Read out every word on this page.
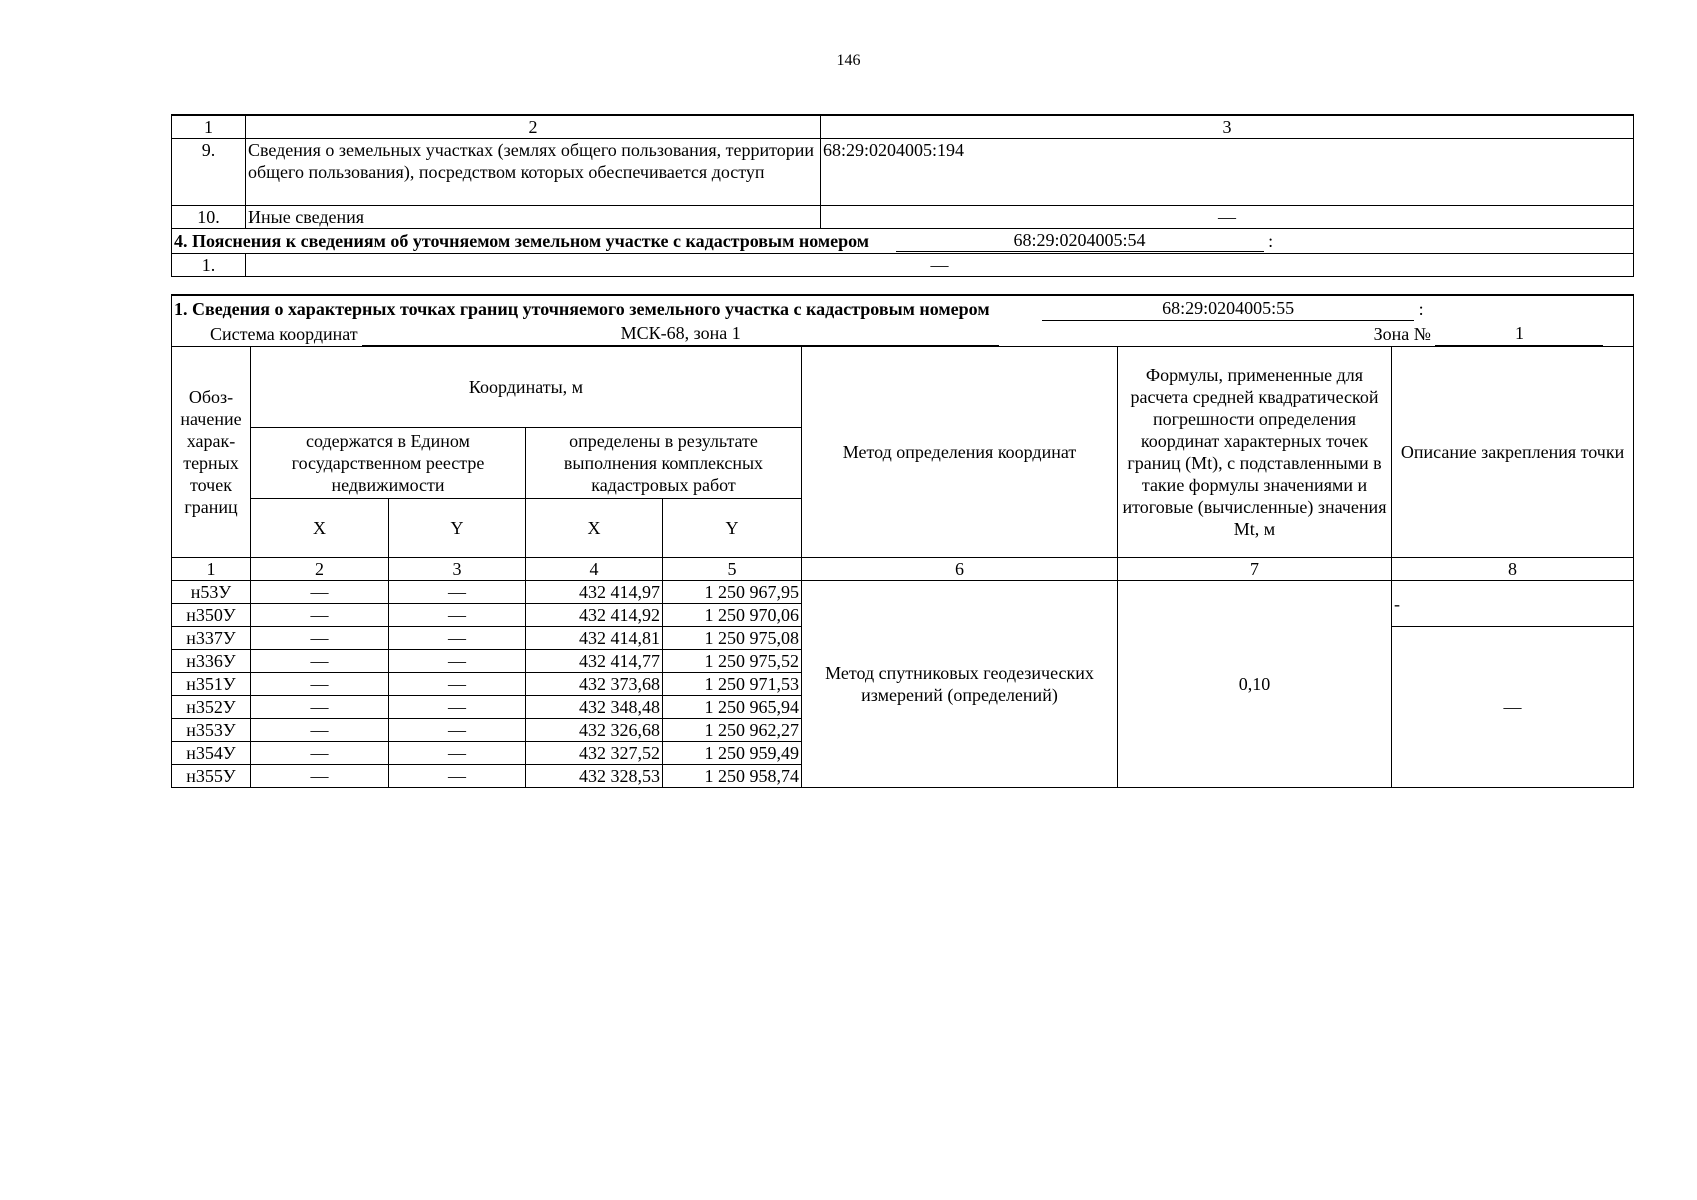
146
1	2	3
9.	Сведения о земельных участках (землях общего пользования, территории общего пользования), посредством которых обеспечивается доступ	68:29:0204005:194
10.	Иные сведения	—
4. Пояснения к сведениям об уточняемом земельном участке с кадастровым номером 68:29:0204005:54 :		
1.	—	
1. Сведения о характерных точках границ уточняемого земельного участка с кадастровым номером 68:29:0204005:55 :
Система координат МСК-68, зона 1 Зона № 1							

Обоз-начение харак-терных точек границ	Координаты, м				Метод определения координат	Формулы, примененные для расчета средней квадратической погрешности определения координат характерных точек границ (Mt), с подставленными в такие формулы значениями и итоговые (вычисленные) значения Mt, м	Описание закрепления точки
	содержатся в Едином государственном реестре недвижимости		определены в результате выполнения комплексных кадастровых работ				
	X	Y	X	Y			
1	2	3	4	5	6	7	8
н53У	—	—	432 414,97	1 250 967,95	Метод спутниковых геодезических измерений (определений)	0,10	-
н350У	—	—	432 414,92	1 250 970,06			
н337У	—	—	432 414,81	1 250 975,08			—
н336У	—	—	432 414,77	1 250 975,52			
н351У	—	—	432 373,68	1 250 971,53			
н352У	—	—	432 348,48	1 250 965,94			
н353У	—	—	432 326,68	1 250 962,27			
н354У	—	—	432 327,52	1 250 959,49			
н355У	—	—	432 328,53	1 250 958,74			
